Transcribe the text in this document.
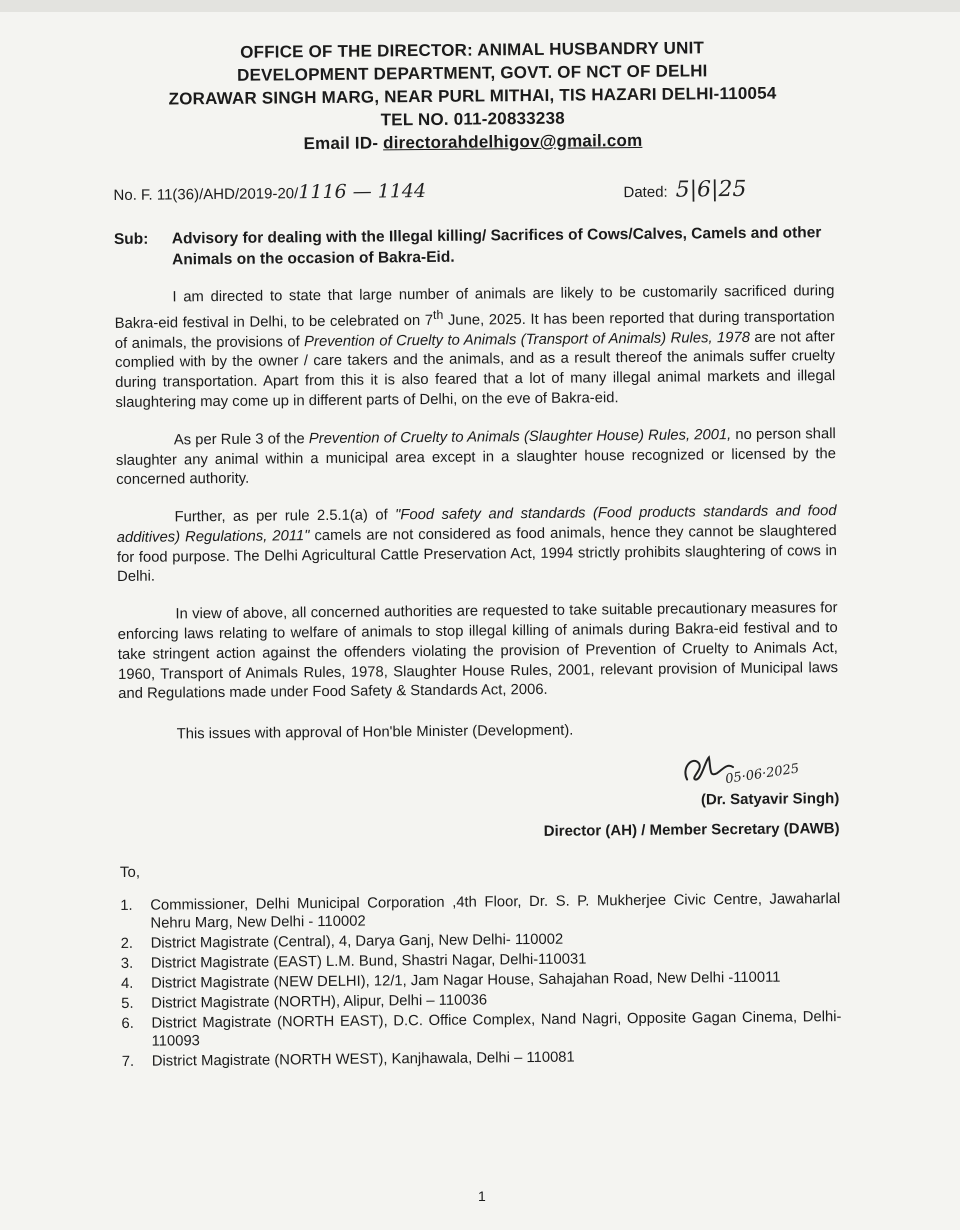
OFFICE OF THE DIRECTOR: ANIMAL HUSBANDRY UNIT
DEVELOPMENT DEPARTMENT, GOVT. OF NCT OF DELHI
ZORAWAR SINGH MARG, NEAR PURL MITHAI, TIS HAZARI DELHI-110054
TEL NO. 011-20833238
Email ID- directorahdelhigov@gmail.com
No. F. 11(36)/AHD/2019-20/1116 — 1144	Dated: 5|6|25
Sub:	Advisory for dealing with the Illegal killing/ Sacrifices of Cows/Calves, Camels and other Animals on the occasion of Bakra-Eid.
I am directed to state that large number of animals are likely to be customarily sacrificed during Bakra-eid festival in Delhi, to be celebrated on 7th June, 2025. It has been reported that during transportation of animals, the provisions of Prevention of Cruelty to Animals (Transport of Animals) Rules, 1978 are not after complied with by the owner / care takers and the animals, and as a result thereof the animals suffer cruelty during transportation. Apart from this it is also feared that a lot of many illegal animal markets and illegal slaughtering may come up in different parts of Delhi, on the eve of Bakra-eid.
As per Rule 3 of the Prevention of Cruelty to Animals (Slaughter House) Rules, 2001, no person shall slaughter any animal within a municipal area except in a slaughter house recognized or licensed by the concerned authority.
Further, as per rule 2.5.1(a) of "Food safety and standards (Food products standards and food additives) Regulations, 2011" camels are not considered as food animals, hence they cannot be slaughtered for food purpose. The Delhi Agricultural Cattle Preservation Act, 1994 strictly prohibits slaughtering of cows in Delhi.
In view of above, all concerned authorities are requested to take suitable precautionary measures for enforcing laws relating to welfare of animals to stop illegal killing of animals during Bakra-eid festival and to take stringent action against the offenders violating the provision of Prevention of Cruelty to Animals Act, 1960, Transport of Animals Rules, 1978, Slaughter House Rules, 2001, relevant provision of Municipal laws and Regulations made under Food Safety & Standards Act, 2006.
This issues with approval of Hon'ble Minister (Development).
05·06·2025
(Dr. Satyavir Singh)
Director (AH) / Member Secretary (DAWB)
To,
1.	Commissioner, Delhi Municipal Corporation ,4th Floor, Dr. S. P. Mukherjee Civic Centre, Jawaharlal Nehru Marg, New Delhi - 110002
2.	District Magistrate (Central), 4, Darya Ganj, New Delhi- 110002
3.	District Magistrate (EAST) L.M. Bund, Shastri Nagar, Delhi-110031
4.	District Magistrate (NEW DELHI), 12/1, Jam Nagar House, Sahajahan Road, New Delhi -110011
5.	District Magistrate (NORTH), Alipur, Delhi – 110036
6.	District Magistrate (NORTH EAST), D.C. Office Complex, Nand Nagri, Opposite Gagan Cinema, Delhi-110093
7.	District Magistrate (NORTH WEST), Kanjhawala, Delhi – 110081
1
